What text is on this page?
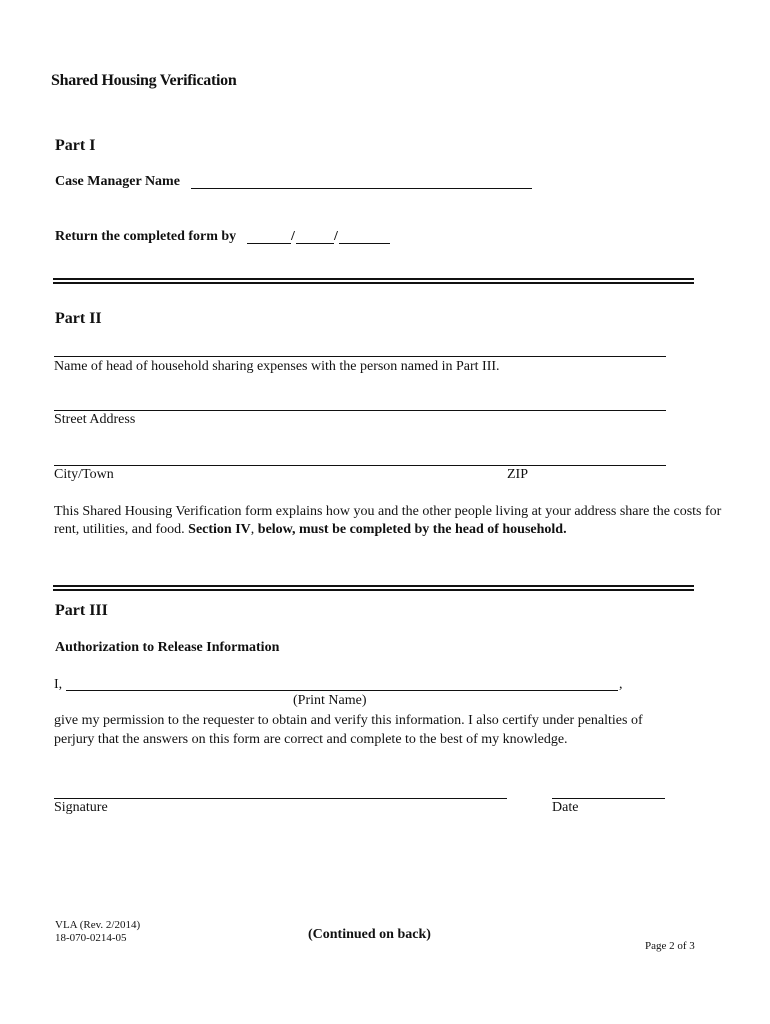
Shared Housing Verification
Part I
Case Manager Name
Return the completed form by	/	/
Part II
Name of head of household sharing expenses with the person named in Part III.
Street Address
City/Town	ZIP
This Shared Housing Verification form explains how you and the other people living at your address share the costs for rent, utilities, and food. Section IV, below, must be completed by the head of household.
Part III
Authorization to Release Information
I,	,
(Print Name)
give my permission to the requester to obtain and verify this information. I also certify under penalties of
perjury that the answers on this form are correct and complete to the best of my knowledge.
Signature	Date
VLA (Rev. 2/2014)
18-070-0214-05	(Continued on back)
Page 2 of 3
